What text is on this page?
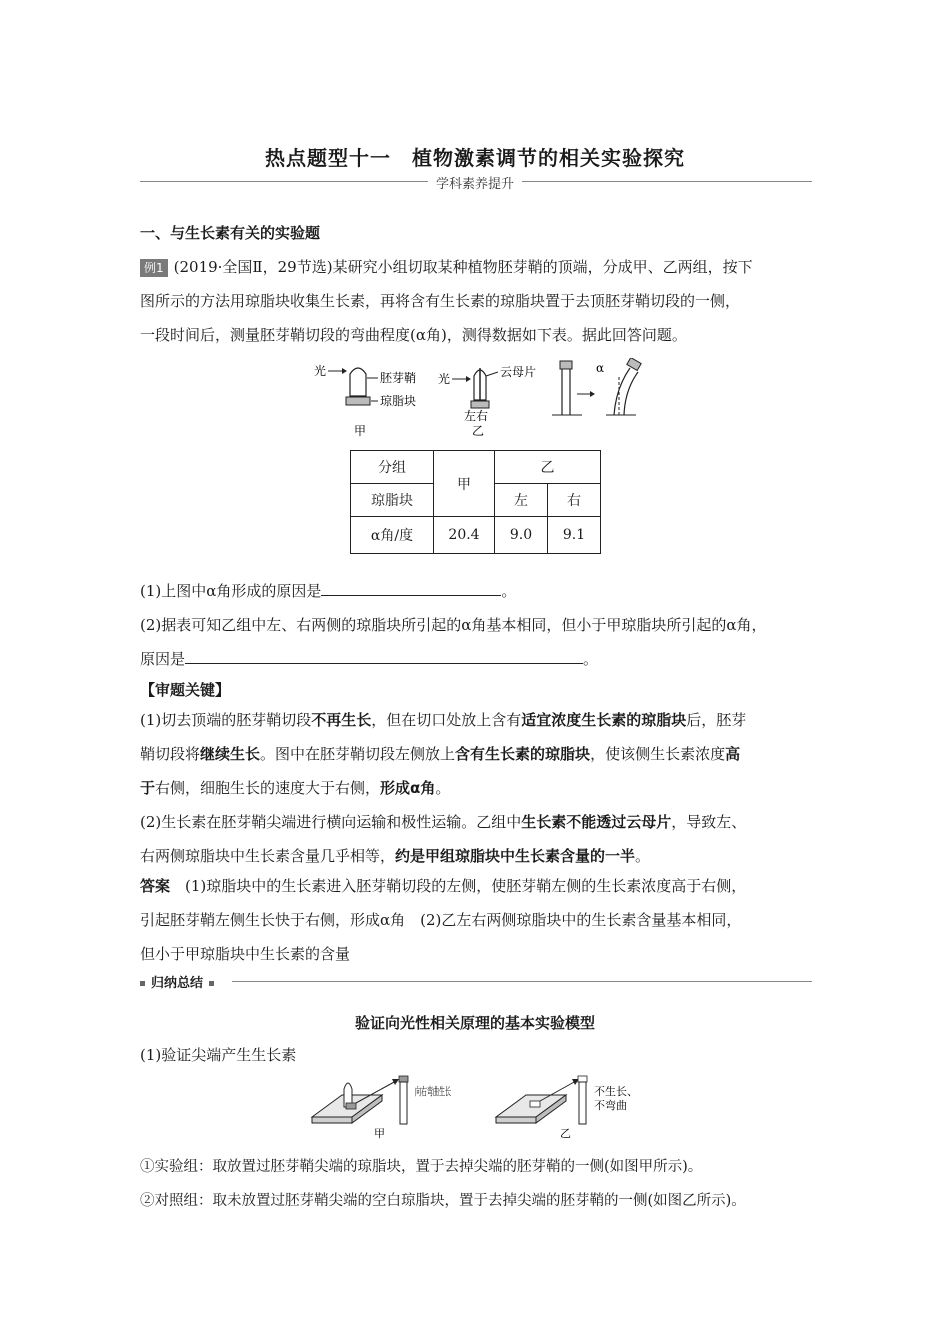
热点题型十一　植物激素调节的相关实验探究
学科素养提升
一、与生长素有关的实验题
例1 (2019·全国Ⅱ，29节选)某研究小组切取某种植物胚芽鞘的顶端，分成甲、乙两组，按下
图所示的方法用琼脂块收集生长素，再将含有生长素的琼脂块置于去顶胚芽鞘切段的一侧，
一段时间后，测量胚芽鞘切段的弯曲程度(α角)，测得数据如下表。据此回答问题。
光	胚芽鞘
琼脂块
甲
光	云母片
左右
乙
α
分组	甲	乙	
琼脂块		左	右
α角/度	20.4	9.0	9.1
(1)上图中α角形成的原因是	。
(2)据表可知乙组中左、右两侧的琼脂块所引起的α角基本相同，但小于甲琼脂块所引起的α角，
原因是	。
【审题关键】
(1)切去顶端的胚芽鞘切段不再生长，但在切口处放上含有适宜浓度生长素的琼脂块后，胚芽
鞘切段将继续生长。图中在胚芽鞘切段左侧放上含有生长素的琼脂块，使该侧生长素浓度高
于右侧，细胞生长的速度大于右侧，形成α角。
(2)生长素在胚芽鞘尖端进行横向运输和极性运输。乙组中生长素不能透过云母片，导致左、
右两侧琼脂块中生长素含量几乎相等，约是甲组琼脂块中生长素含量的一半。
答案　(1)琼脂块中的生长素进入胚芽鞘切段的左侧，使胚芽鞘左侧的生长素浓度高于右侧，
引起胚芽鞘左侧生长快于右侧，形成α角　(2)乙左右两侧琼脂块中的生长素含量基本相同，
但小于甲琼脂块中生长素的含量
归纳总结
验证向光性相关原理的基本实验模型
(1)验证尖端产生生长素
向右弯曲生长
甲
不生长、
不弯曲
乙
①实验组：取放置过胚芽鞘尖端的琼脂块，置于去掉尖端的胚芽鞘的一侧(如图甲所示)。
②对照组：取未放置过胚芽鞘尖端的空白琼脂块，置于去掉尖端的胚芽鞘的一侧(如图乙所示)。
